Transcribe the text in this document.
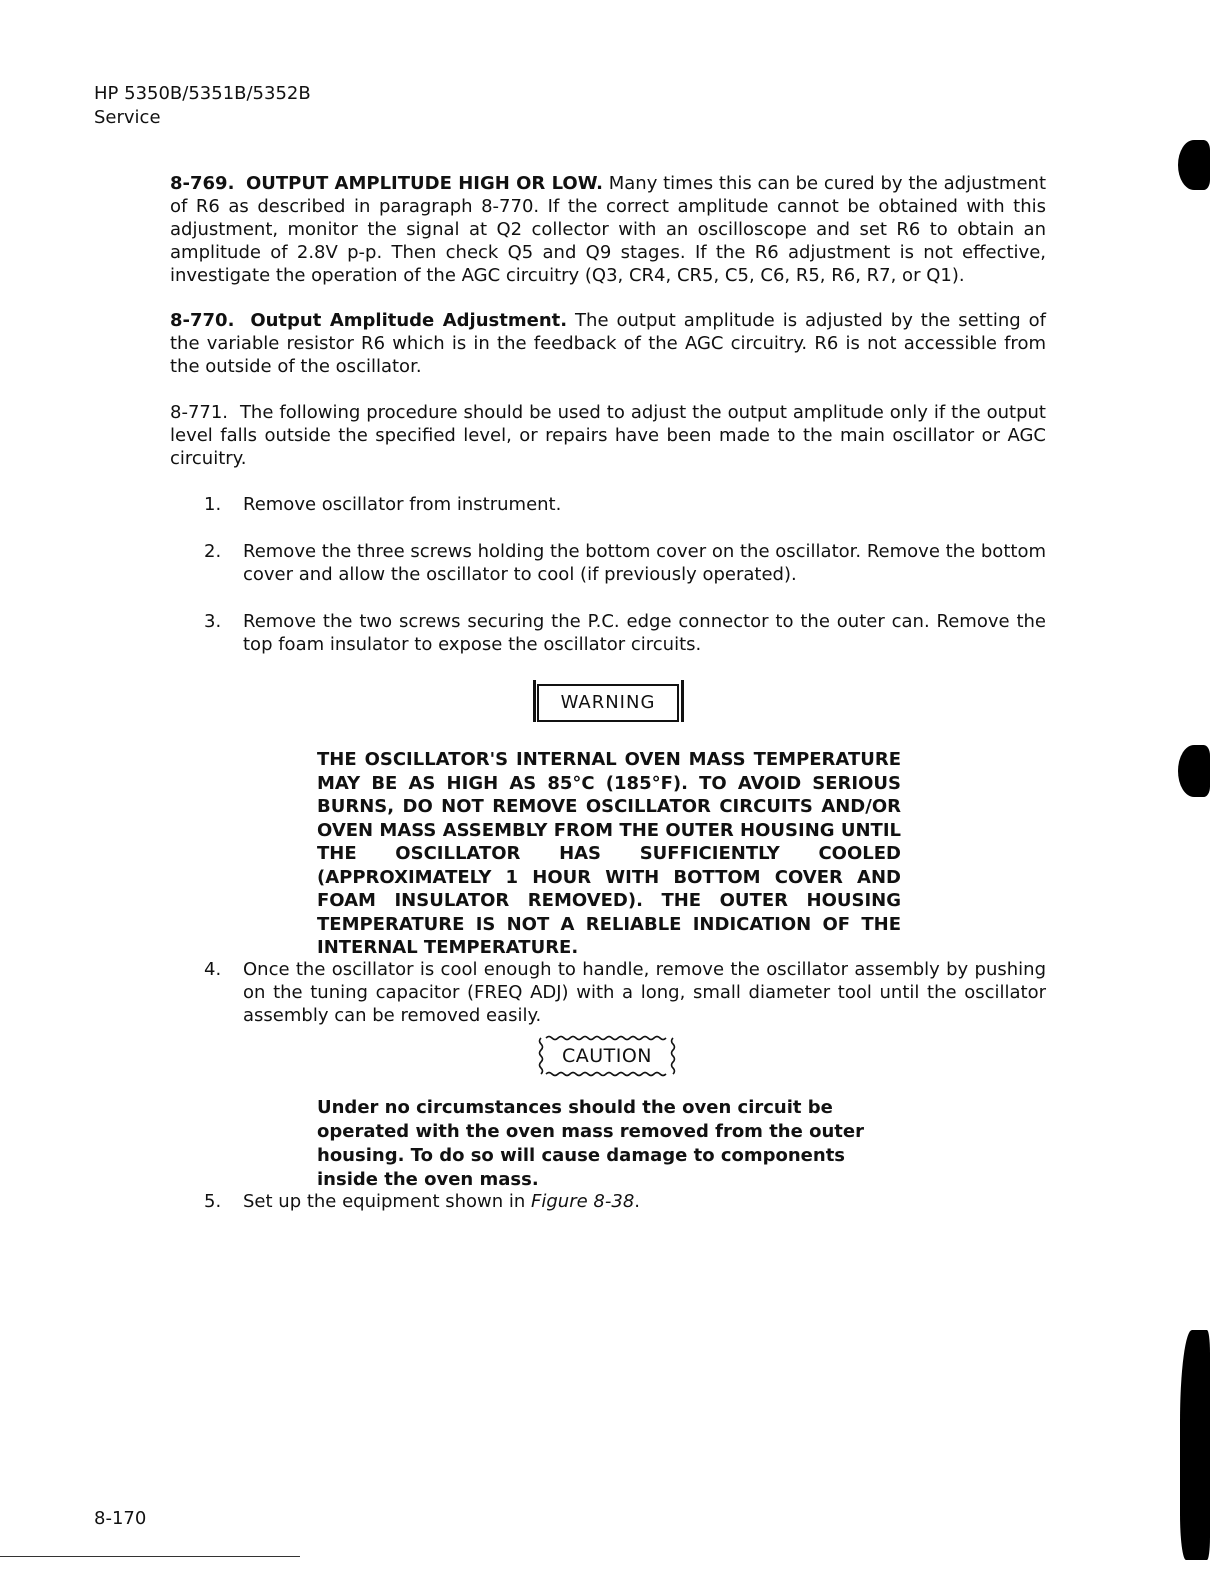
HP 5350B/5351B/5352B
Service
8-769. OUTPUT AMPLITUDE HIGH OR LOW. Many times this can be cured by the adjustment of R6 as described in paragraph 8-770. If the correct amplitude cannot be obtained with this adjustment, monitor the signal at Q2 collector with an oscilloscope and set R6 to obtain an amplitude of 2.8V p-p. Then check Q5 and Q9 stages. If the R6 adjustment is not effective, investigate the operation of the AGC circuitry (Q3, CR4, CR5, C5, C6, R5, R6, R7, or Q1).
8-770. Output Amplitude Adjustment. The output amplitude is adjusted by the setting of the variable resistor R6 which is in the feedback of the AGC circuitry. R6 is not accessible from the outside of the oscillator.
8-771. The following procedure should be used to adjust the output amplitude only if the output level falls outside the specified level, or repairs have been made to the main oscillator or AGC circuitry.
1. Remove oscillator from instrument.
2. Remove the three screws holding the bottom cover on the oscillator. Remove the bottom cover and allow the oscillator to cool (if previously operated).
3. Remove the two screws securing the P.C. edge connector to the outer can. Remove the top foam insulator to expose the oscillator circuits.
WARNING
THE OSCILLATOR'S INTERNAL OVEN MASS TEMPERATURE MAY BE AS HIGH AS 85°C (185°F). TO AVOID SERIOUS BURNS, DO NOT REMOVE OSCILLATOR CIRCUITS AND/OR OVEN MASS ASSEMBLY FROM THE OUTER HOUSING UNTIL THE OSCILLATOR HAS SUFFICIENTLY COOLED (APPROXIMATELY 1 HOUR WITH BOTTOM COVER AND FOAM INSULATOR REMOVED). THE OUTER HOUSING TEMPERATURE IS NOT A RELIABLE INDICATION OF THE INTERNAL TEMPERATURE.
4. Once the oscillator is cool enough to handle, remove the oscillator assembly by pushing on the tuning capacitor (FREQ ADJ) with a long, small diameter tool until the oscillator assembly can be removed easily.
CAUTION
Under no circumstances should the oven circuit be operated with the oven mass removed from the outer housing. To do so will cause damage to components inside the oven mass.
5. Set up the equipment shown in Figure 8-38.
8-170
